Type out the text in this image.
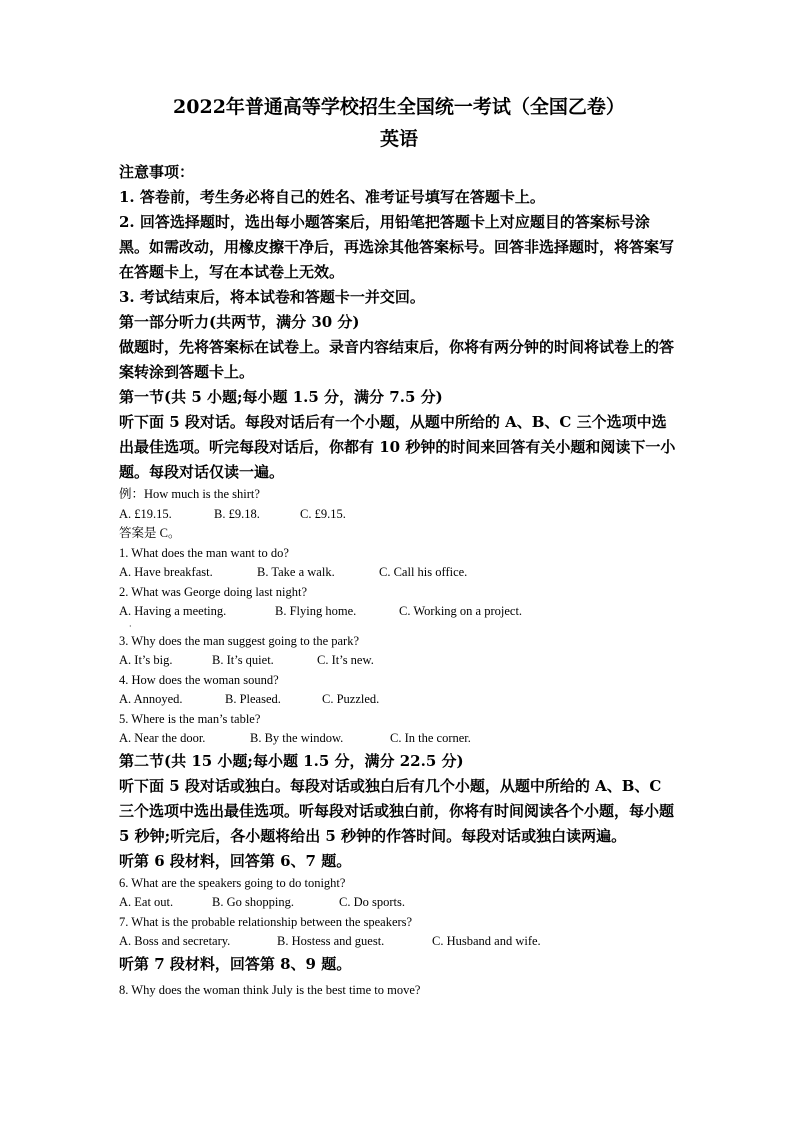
2022年普通高等学校招生全国统一考试（全国乙卷）
英语
注意事项：
1. 答卷前，考生务必将自己的姓名、准考证号填写在答题卡上。
2. 回答选择题时，选出每小题答案后，用铅笔把答题卡上对应题目的答案标号涂黑。如需改动，用橡皮擦干净后，再选涂其他答案标号。回答非选择题时，将答案写在答题卡上，写在本试卷上无效。
3. 考试结束后，将本试卷和答题卡一并交回。
第一部分听力(共两节，满分 30 分)
做题时，先将答案标在试卷上。录音内容结束后，你将有两分钟的时间将试卷上的答案转涂到答题卡上。
第一节(共 5 小题;每小题 1.5 分，满分 7.5 分)
听下面 5 段对话。每段对话后有一个小题，从题中所给的 A、B、C 三个选项中选出最佳选项。听完每段对话后，你都有 10 秒钟的时间来回答有关小题和阅读下一小题。每段对话仅读一遍。
例：How much is the shirt?
A. £19.15.	B. £9.18.	C. £9.15.
答案是 C。
1. What does the man want to do?
A. Have breakfast.	B. Take a walk.	C. Call his office.
2. What was George doing last night?
A. Having a meeting.	B. Flying home.	C. Working on a project.
·
3. Why does the man suggest going to the park?
A. It’s big.	B. It’s quiet.	C. It’s new.
4. How does the woman sound?
A. Annoyed.	B. Pleased.	C. Puzzled.
5. Where is the man’s table?
A. Near the door.	B. By the window.	C. In the corner.
第二节(共 15 小题;每小题 1.5 分，满分 22.5 分)
听下面 5 段对话或独白。每段对话或独白后有几个小题，从题中所给的 A、B、C 三个选项中选出最佳选项。听每段对话或独白前，你将有时间阅读各个小题，每小题 5 秒钟;听完后，各小题将给出 5 秒钟的作答时间。每段对话或独白读两遍。
听第 6 段材料，回答第 6、7 题。
6. What are the speakers going to do tonight?
A. Eat out.	B. Go shopping.	C. Do sports.
7. What is the probable relationship between the speakers?
A. Boss and secretary.	B. Hostess and guest.	C. Husband and wife.
听第 7 段材料，回答第 8、9 题。
8. Why does the woman think July is the best time to move?
